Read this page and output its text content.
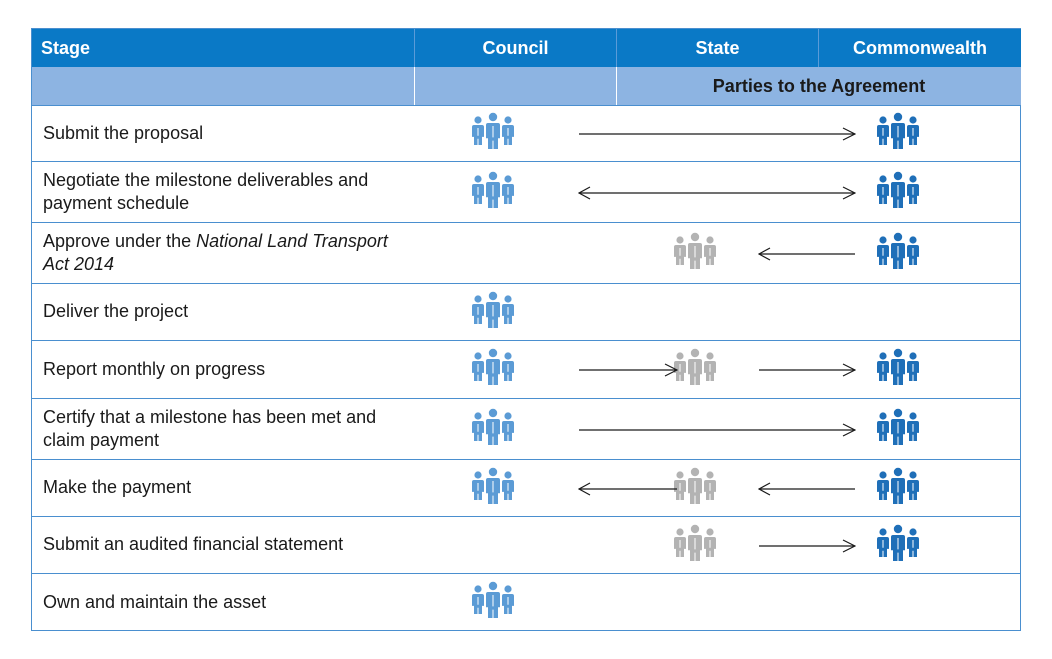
Stage	Council	State	Commonwealth
Parties to the Agreement
Submit the proposal
Negotiate the milestone deliverables and payment schedule
Approve under the National Land Transport Act 2014
Deliver the project
Report monthly on progress
Certify that a milestone has been met and claim payment
Make the payment
Submit an audited financial statement
Own and maintain the asset
